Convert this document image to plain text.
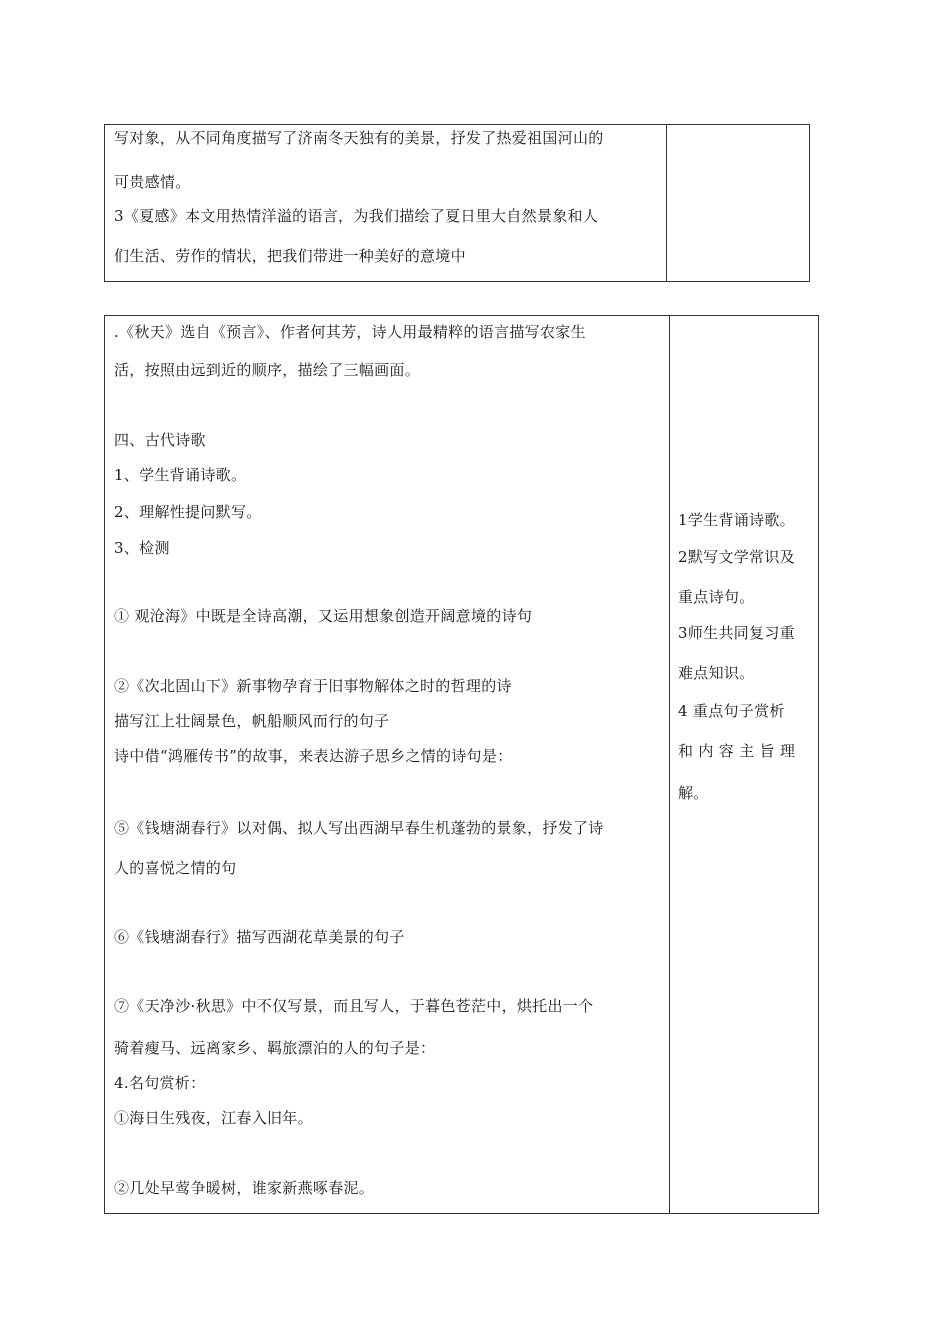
写对象，从不同角度描写了济南冬天独有的美景，抒发了热爱祖国河山的
可贵感情。
3《夏感》本文用热情洋溢的语言，为我们描绘了夏日里大自然景象和人
们生活、劳作的情状，把我们带进一种美好的意境中
.《秋天》选自《预言》、作者何其芳，诗人用最精粹的语言描写农家生
活，按照由远到近的顺序，描绘了三幅画面。
四、古代诗歌
1、学生背诵诗歌。
2、理解性提问默写。
3、检测
① 观沧海》中既是全诗高潮，又运用想象创造开阔意境的诗句
②《次北固山下》新事物孕育于旧事物解体之时的哲理的诗
描写江上壮阔景色，帆船顺风而行的句子
诗中借“鸿雁传书”的故事，来表达游子思乡之情的诗句是：
⑤《钱塘湖春行》以对偶、拟人写出西湖早春生机蓬勃的景象，抒发了诗
人的喜悦之情的句
⑥《钱塘湖春行》描写西湖花草美景的句子
⑦《天净沙·秋思》中不仅写景，而且写人，于暮色苍茫中，烘托出一个
骑着瘦马、远离家乡、羁旅漂泊的人的句子是：
4.名句赏析：
①海日生残夜，江春入旧年。
②几处早莺争暖树，谁家新燕啄春泥。
1学生背诵诗歌。
2默写文学常识及
重点诗句。
3师生共同复习重
难点知识。
4 重点句子赏析
和 内 容 主 旨 理
解。
